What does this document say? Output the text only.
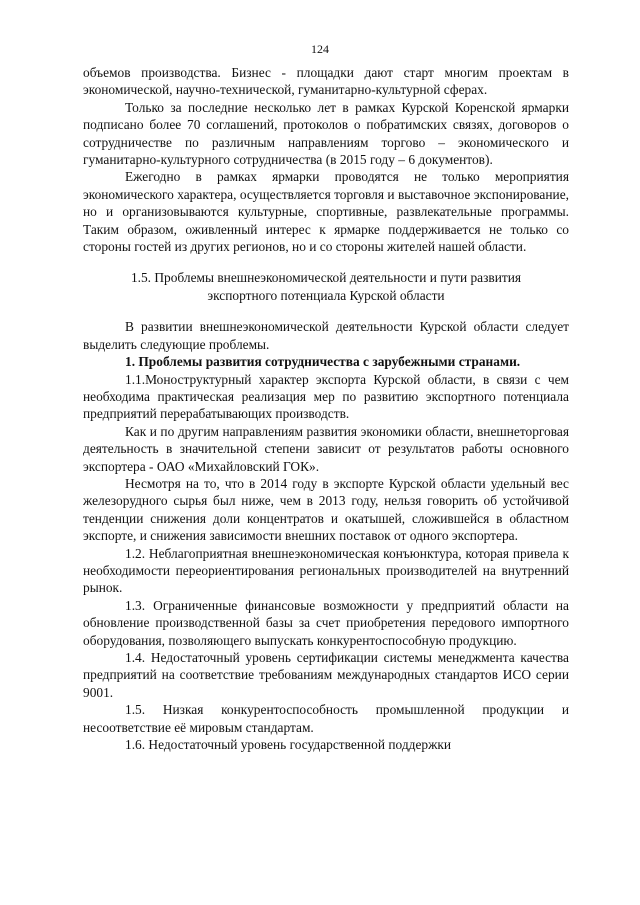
124

объемов производства. Бизнес - площадки дают старт многим проектам в экономической, научно-технической, гуманитарно-культурной сферах.

Только за последние несколько лет в рамках Курской Коренской ярмарки подписано более 70 соглашений, протоколов о побратимских связях, договоров о сотрудничестве по различным направлениям торгово – экономического и гуманитарно-культурного сотрудничества (в 2015 году – 6 документов).

Ежегодно в рамках ярмарки проводятся не только мероприятия экономического характера, осуществляется торговля и выставочное экспонирование, но и организовываются культурные, спортивные, развлекательные программы. Таким образом, оживленный интерес к ярмарке поддерживается не только со стороны гостей из других регионов, но и со стороны жителей нашей области.

1.5. Проблемы внешнеэкономической деятельности и пути развития экспортного потенциала Курской области

В развитии внешнеэкономической деятельности Курской области следует выделить следующие проблемы.

1. Проблемы развития сотрудничества с зарубежными странами.

1.1.Моноструктурный характер экспорта Курской области, в связи с чем необходима практическая реализация мер по развитию экспортного потенциала предприятий перерабатывающих производств.

Как и по другим направлениям развития экономики области, внешнеторговая деятельность в значительной степени зависит от результатов работы основного экспортера - ОАО «Михайловский ГОК».

Несмотря на то, что в 2014 году в экспорте Курской области удельный вес железорудного сырья был ниже, чем в 2013 году, нельзя говорить об устойчивой тенденции снижения доли концентратов и окатышей, сложившейся в областном экспорте, и снижения зависимости внешних поставок от одного экспортера.

1.2. Неблагоприятная внешнеэкономическая конъюнктура, которая привела к необходимости переориентирования региональных производителей на внутренний рынок.

1.3. Ограниченные финансовые возможности у предприятий области на обновление производственной базы за счет приобретения передового импортного оборудования, позволяющего выпускать конкурентоспособную продукцию.

1.4. Недостаточный уровень сертификации системы менеджмента качества предприятий на соответствие требованиям международных стандартов ИСО серии 9001.

1.5. Низкая конкурентоспособность промышленной продукции и несоответствие её мировым стандартам.

1.6. Недостаточный уровень государственной поддержки
